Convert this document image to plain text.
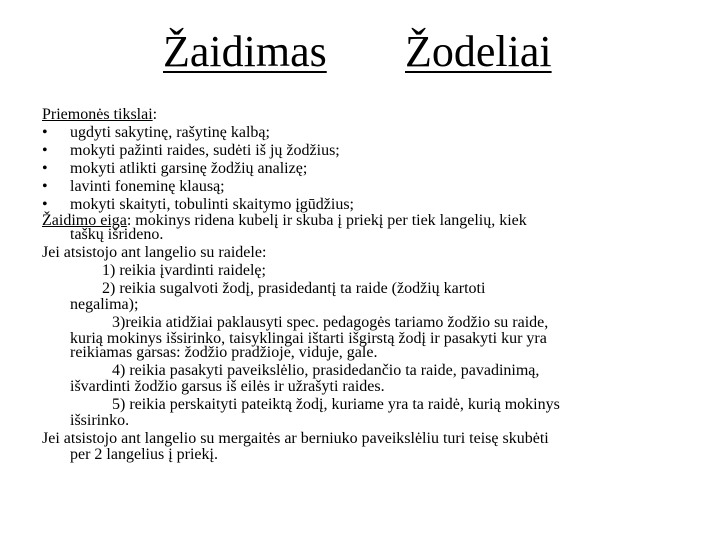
Žaidimas Žodeliai
Priemonės tikslai:
• ugdyti sakytinę, rašytinę kalbą;
• mokyti pažinti raides, sudėti iš jų žodžius;
• mokyti atlikti garsinę žodžių analizę;
• lavinti foneminę klausą;
• mokyti skaityti, tobulinti skaitymo įgūdžius;
Žaidimo eiga: mokinys ridena kubelį ir skuba į priekį per tiek langelių, kiek
taškų išridenо.
Jei atsistojo ant langelio su raidele:
1) reikia įvardinti raidelę;
2) reikia sugalvoti žodį, prasidedantį ta raide (žodžių kartoti
negalima);
3)reikia atidžiai paklausyti spec. pedagogės tariamo žodžio su raide,
kurią mokinys išsirinko, taisyklingai ištarti išgirstą žodį ir pasakyti kur yra
reikiamas garsas: žodžio pradžioje, viduje, gale.
4) reikia pasakyti paveikslėlio, prasidedančio ta raide, pavadinimą,
išvardinti žodžio garsus iš eilės ir užrašyti raides.
5) reikia perskaityti pateiktą žodį, kuriame yra ta raidė, kurią mokinys
išsirinko.
Jei atsistojo ant langelio su mergaitės ar berniuko paveikslėliu turi teisę skubėti
per 2 langelius į priekį.
